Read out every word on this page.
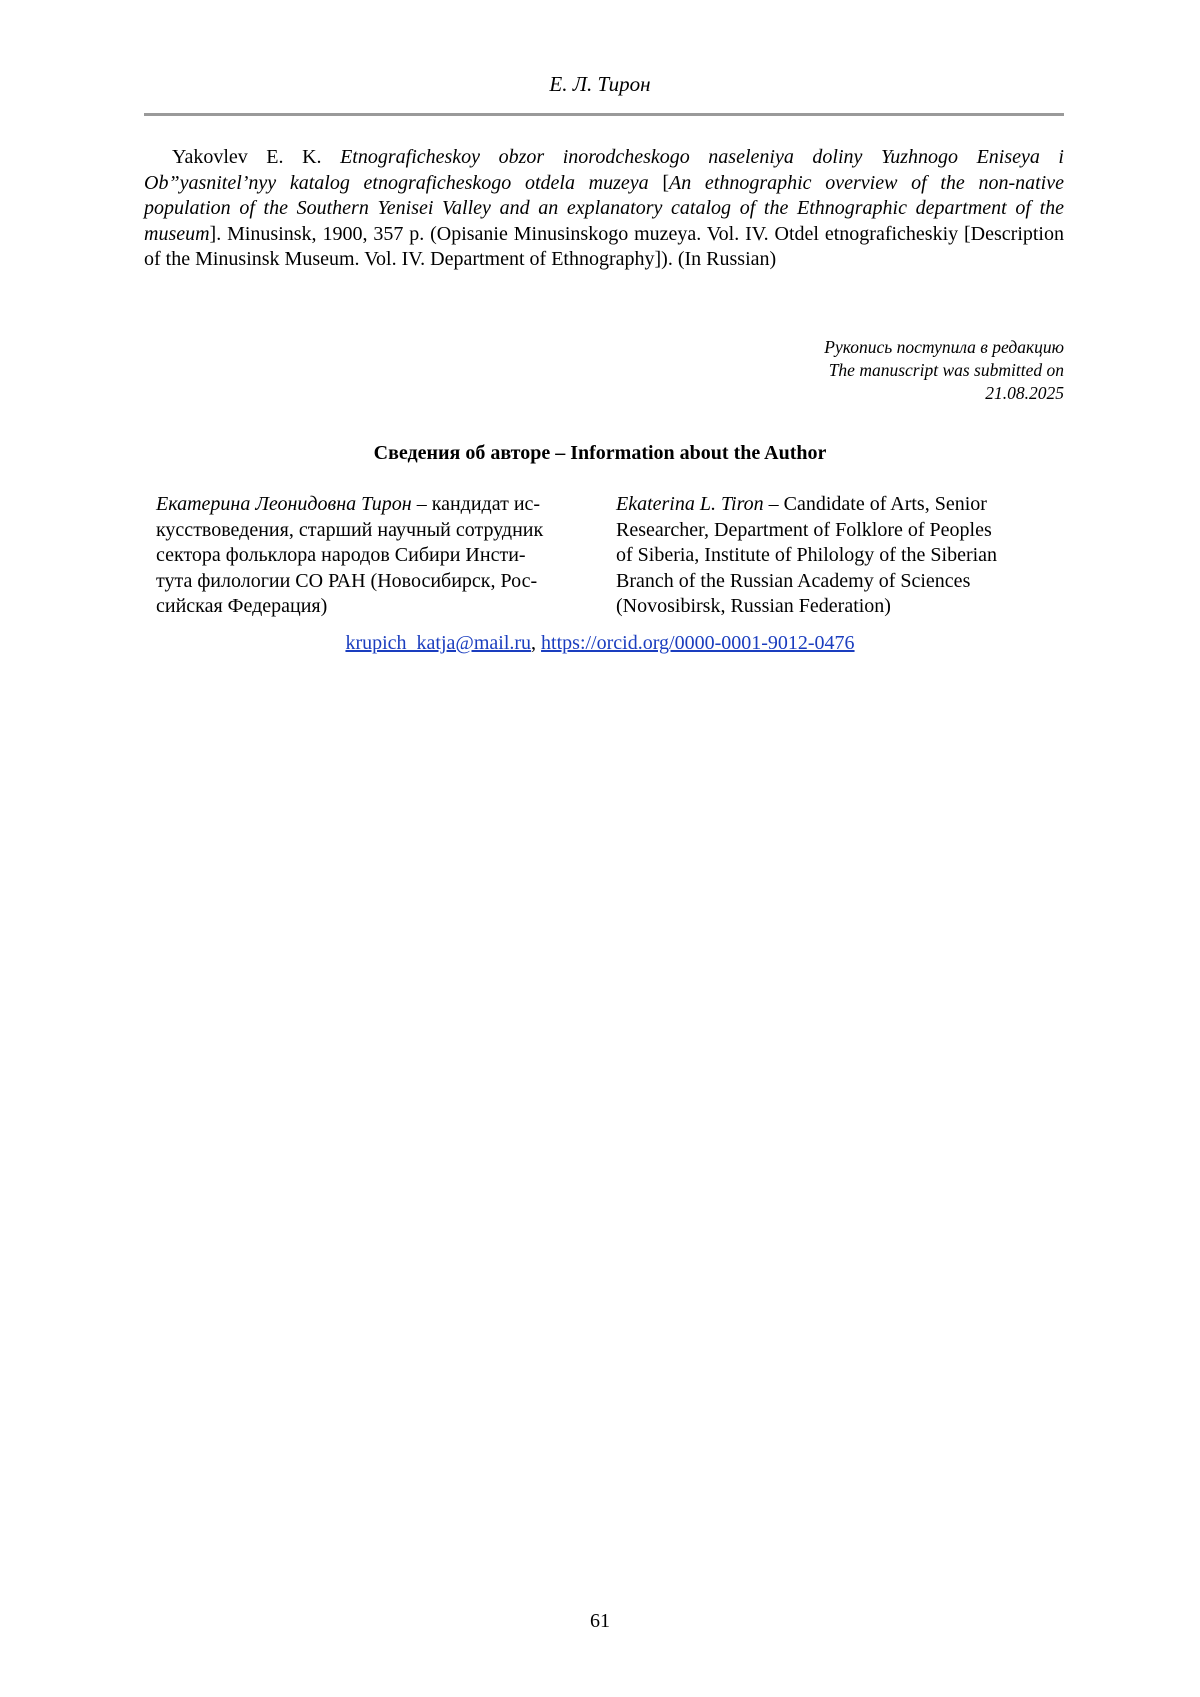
Е. Л. Тирон

Yakovlev E. K. Etnograficheskoy obzor inorodcheskogo naseleniya doliny Yuzhnogo Eniseya i Ob”yasnitel’nyy katalog etnograficheskogo otdela muzeya [An ethnographic overview of the non-native population of the Southern Yenisei Valley and an explanatory catalog of the Ethnographic department of the museum]. Minusinsk, 1900, 357 p. (Opisanie Minusinskogo muzeya. Vol. IV. Otdel etnograficheskiy [Description of the Minusinsk Museum. Vol. IV. Department of Ethnography]). (In Russian)

Рукопись поступила в редакцию
The manuscript was submitted on
21.08.2025
Сведения об авторе – Information about the Author
Екатерина Леонидовна Тирон – кандидат ис-
кусствоведения, старший научный сотрудник
сектора фольклора народов Сибири Инсти-
тута филологии СО РАН (Новосибирск, Рос-
сийская Федерация)
Ekaterina L. Tiron – Candidate of Arts, Senior
Researcher, Department of Folklore of Peoples
of Siberia, Institute of Philology of the Siberian
Branch of the Russian Academy of Sciences
(Novosibirsk, Russian Federation)
krupich_katja@mail.ru, https://orcid.org/0000-0001-9012-0476
61
